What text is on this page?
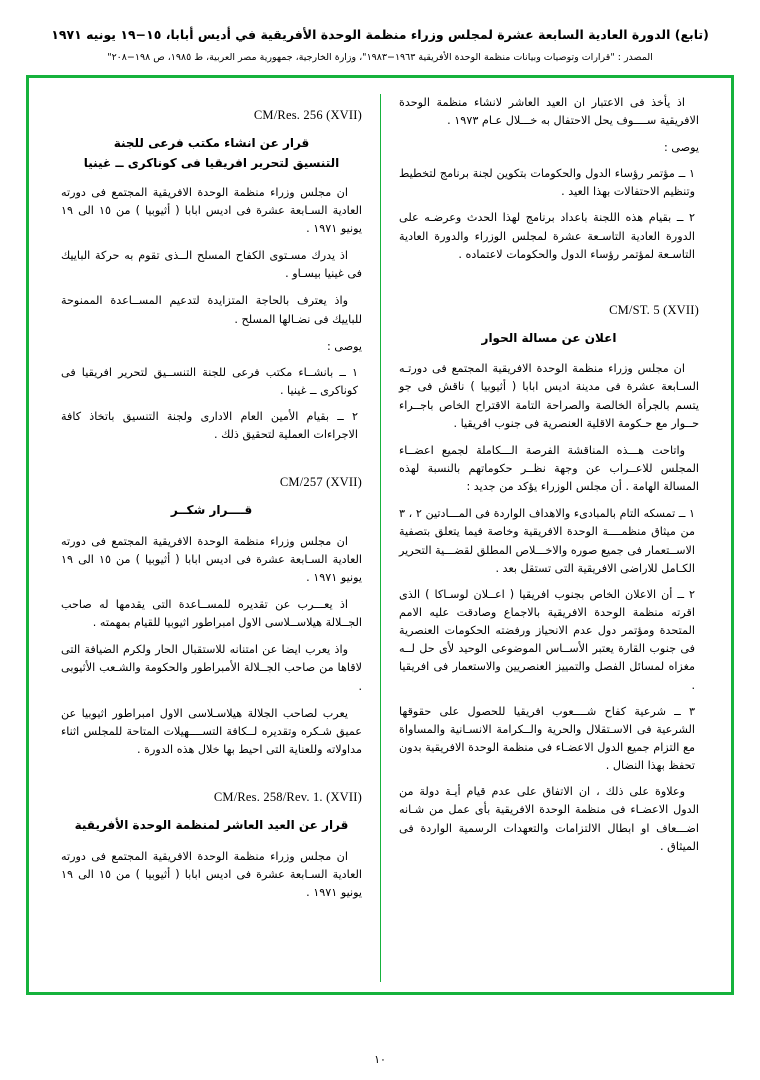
(تابع) الدورة العادية السابعة عشرة لمجلس وزراء منظمة الوحدة الأفريقية في أديس أبابا، ١٥−١٩ يونيه ١٩٧١
المصدر : "قرارات وتوصيات وبيانات منظمة الوحدة الأفريقية ١٩٦٣−١٩٨٣"، وزارة الخارجية، جمهورية مصر العربية، ط ١٩٨٥، ص ١٩٨−٢٠٨"

اذ يأخذ فى الاعتبار ان العيد العاشر لانشاء منظمة الوحدة الافريقية ســــوف يحل الاحتفال به خـــلال عـام ١٩٧٣ .

يوصى :

١ ــ مؤتمر رؤساء الدول والحكومات بتكوين لجنة برنامج لتخطيط وتنظيم الاحتفالات بهذا العيد .

٢ ــ بقيام هذه اللجنة باعداد برنامج لهذا الحدث وعرضـه على الدورة العادية التاسـعة عشرة لمجلس الوزراء والدورة العادية التاسـعة لمؤتمر رؤساء الدول والحكومات لاعتماده .

CM/ST. 5 (XVII)
اعلان عن مسالة الحوار

ان مجلس وزراء منظمة الوحدة الافريقية المجتمع فى دورتـه السـابعة عشرة فى مدينة اديس ابابا ( أثيوبيا ) ناقش فى جو يتسم بالجرأة الخالصة والصراحة التامة الاقتراح الخاص باجــراء حــوار مع حـكومة الاقلية العنصرية فى جنوب افريقيا .

واتاحت هـــذه المناقشة الفرصة الـــكاملة لجميع اعضــاء المجلس للاعــراب عن وجهة نظــر حكوماتهم بالنسبة لهذه المسالة الهامة . أن مجلس الوزراء يؤكد من جديد :

١ ــ تمسكه التام بالمبادىء والاهداف الواردة فى المـــادتين ٢ ، ٣ من ميثاق منظمــــة الوحدة الافريقية وخاصة فيما يتعلق بتصفية الاســتعمار فى جميع صوره والاخـــلاص المطلق لقضـــية التحرير الكـامل للاراضى الافريقية التى تستقل بعد .

٢ ــ أن الاعلان الخاص بجنوب افريقيا ( اعــلان لوسـاكا ) الذى اقرته منظمة الوحدة الافريقية بالاجماع وصادقت عليه الامم المتحدة ومؤتمر دول عدم الانحياز ورفضته الحكومات العنصرية فى جنوب القارة يعتبر الأســاس الموضوعى الوحيد لأى حل لــه مغزاه لمسائل الفصل والتمييز العنصريين والاستعمار فى افريقيا .

٣ ــ شرعية كفاح شــــعوب افريقيا للحصول على حقوقها الشرعية فى الاسـتقلال والحرية والــكرامة الانسـانية والمساواة مع التزام جميع الدول الاعضـاء فى منظمة الوحدة الافريقية بدون تحفظ بهذا النضال .

وعلاوة على ذلك ، ان الاتفاق على عدم قيام أيـة دولة من الدول الاعضـاء فى منظمة الوحدة الافريقية بأى عمل من شـانه اضـــعاف او ابطال الالتزامات والتعهدات الرسمية الواردة فى الميثاق .

CM/Res. 256 (XVII)
قرار عن انشاء مكتب فرعى للجنة
التنسيق لتحرير افريقيا فى كوناكرى ــ غينيا

ان مجلس وزراء منظمة الوحدة الافريقية المجتمع فى دورته العادية السـابعة عشرة فى اديس ابابا ( أثيوبيا ) من ١٥ الى ١٩ يونيو ١٩٧١ .

اذ يدرك مسـتوى الكفاح المسلح الــذى تقوم به حركة الباييك فى غينيا بيسـاو .

واذ يعترف بالحاجة المتزايدة لتدعيم المســاعدة الممنوحة للباييك فى نضـالها المسلح .

يوصى :

١ ــ بانشــاء مكتب فرعى للجنة التنســيق لتحرير افريقيا فى كوناكرى ــ غينيا .

٢ ــ بقيام الأمين العام الادارى ولجنة التنسيق باتخاذ كافة الاجراءات العملية لتحقيق ذلك .

CM/257 (XVII)
قــــرار شكــر

ان مجلس وزراء منظمة الوحدة الافريقية المجتمع فى دورته العادية السـابعة عشرة فى اديس ابابا ( أثيوبيا ) من ١٥ الى ١٩ يونيو ١٩٧١ .

اذ يعـــرب عن تقديره للمســاعدة التى يقدمها له صاحب الجــلالة هيلاســلاسى الاول امبراطور اثيوبيا للقيام بمهمته .

واذ يعرب ايضا عن امتنانه للاستقبال الحار ولكرم الضيافة التى لاقاها من صاحب الجــلالة الأمبراطور والحكومة والشـعب الأثيوبى .

يعرب لصاحب الجلالة هيلاسـلاسى الاول امبراطور اثيوبيا عن عميق شـكره وتقديره لــكافة التســــهيلات المتاحة للمجلس اثناء مداولاته وللعناية التى احيط بها خلال هذه الدورة .

CM/Res. 258/Rev. 1. (XVII)
قرار عن العيد العاشر لمنظمة الوحدة الأفريقية

ان مجلس وزراء منظمة الوحدة الافريقية المجتمع فى دورته العادية السـابعة عشرة فى اديس ابابا ( أثيوبيا ) من ١٥ الى ١٩ يونيو ١٩٧١ .

١٠
